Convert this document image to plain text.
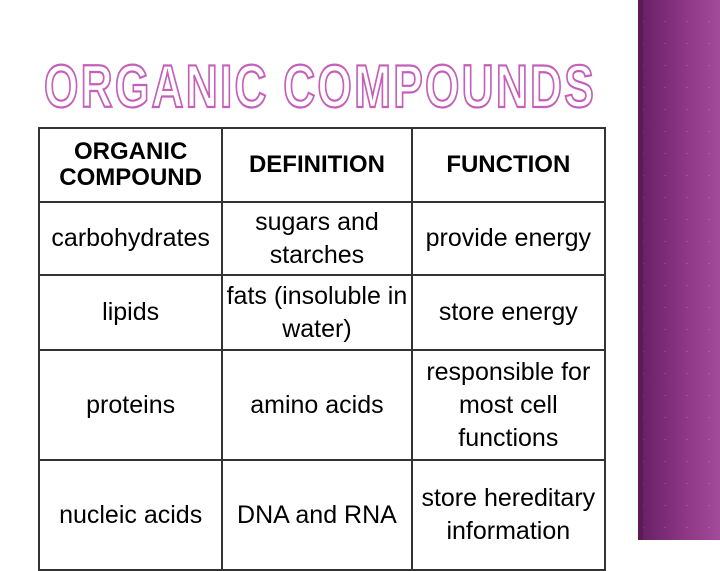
ORGANIC COMPOUNDS
ORGANIC COMPOUND	DEFINITION	FUNCTION
carbohydrates	sugars and starches	provide energy
lipids	fats (insoluble in water)	store energy
proteins	amino acids	responsible for most cell functions
nucleic acids	DNA and RNA	store hereditary information
